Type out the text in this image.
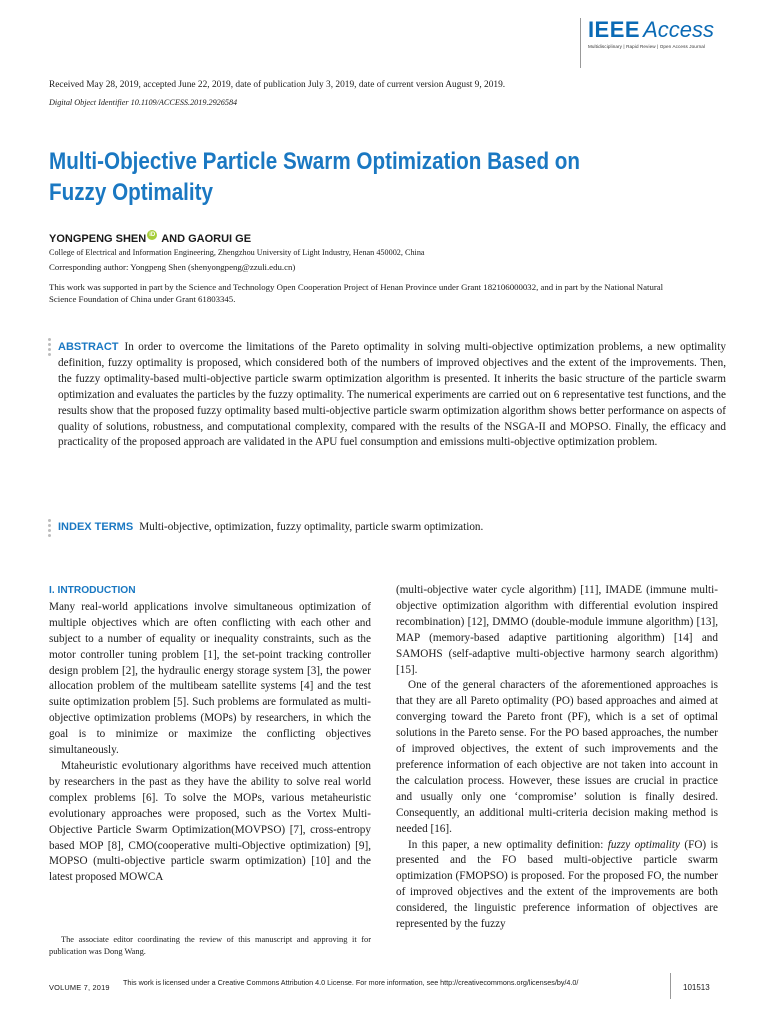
IEEE Access
Multidisciplinary | Rapid Review | Open Access Journal
Received May 28, 2019, accepted June 22, 2019, date of publication July 3, 2019, date of current version August 9, 2019.
Digital Object Identifier 10.1109/ACCESS.2019.2926584
Multi-Objective Particle Swarm Optimization Based on Fuzzy Optimality
YONGPENG SHEN iD AND GAORUI GE
College of Electrical and Information Engineering, Zhengzhou University of Light Industry, Henan 450002, China
Corresponding author: Yongpeng Shen (shenyongpeng@zzuli.edu.cn)
This work was supported in part by the Science and Technology Open Cooperation Project of Henan Province under Grant 182106000032, and in part by the National Natural Science Foundation of China under Grant 61803345.
ABSTRACT In order to overcome the limitations of the Pareto optimality in solving multi-objective optimization problems, a new optimality definition, fuzzy optimality is proposed, which considered both of the numbers of improved objectives and the extent of the improvements. Then, the fuzzy optimality-based multi-objective particle swarm optimization algorithm is presented. It inherits the basic structure of the particle swarm optimization and evaluates the particles by the fuzzy optimality. The numerical experiments are carried out on 6 representative test functions, and the results show that the proposed fuzzy optimality based multi-objective particle swarm optimization algorithm shows better performance on aspects of quality of solutions, robustness, and computational complexity, compared with the results of the NSGA-II and MOPSO. Finally, the efficacy and practicality of the proposed approach are validated in the APU fuel consumption and emissions multi-objective optimization problem.
INDEX TERMS Multi-objective, optimization, fuzzy optimality, particle swarm optimization.
I. INTRODUCTION

Many real-world applications involve simultaneous optimization of multiple objectives which are often conflicting with each other and subject to a number of equality or inequality constraints, such as the motor controller tuning problem [1], the set-point tracking controller design problem [2], the hydraulic energy storage system [3], the power allocation problem of the multibeam satellite systems [4] and the test suite optimization problem [5]. Such problems are formulated as multi-objective optimization problems (MOPs) by researchers, in which the goal is to minimize or maximize the conflicting objectives simultaneously.

Mtaheuristic evolutionary algorithms have received much attention by researchers in the past as they have the ability to solve real world complex problems [6]. To solve the MOPs, various metaheuristic evolutionary approaches were proposed, such as the Vortex Multi-Objective Particle Swarm Optimization(MOVPSO) [7], cross-entropy based MOP [8], CMO(cooperative multi-Objective optimization) [9], MOPSO (multi-objective particle swarm optimization) [10] and the latest proposed MOWCA

(multi-objective water cycle algorithm) [11], IMADE (immune multi-objective optimization algorithm with differential evolution inspired recombination) [12], DMMO (double-module immune algorithm) [13], MAP (memory-based adaptive partitioning algorithm) [14] and SAMOHS (self-adaptive multi-objective harmony search algorithm) [15].

One of the general characters of the aforementioned approaches is that they are all Pareto optimality (PO) based approaches and aimed at converging toward the Pareto front (PF), which is a set of optimal solutions in the Pareto sense. For the PO based approaches, the number of improved objectives, the extent of such improvements and the preference information of each objective are not taken into account in the calculation process. However, these issues are crucial in practice and usually only one ‘compromise’ solution is finally desired. Consequently, an additional multi-criteria decision making method is needed [16].

In this paper, a new optimality definition: fuzzy optimality (FO) is presented and the FO based multi-objective particle swarm optimization (FMOPSO) is proposed. For the proposed FO, the number of improved objectives and the extent of the improvements are both considered, the linguistic preference information of objectives are represented by the fuzzy

The associate editor coordinating the review of this manuscript and approving it for publication was Dong Wang.
VOLUME 7, 2019
This work is licensed under a Creative Commons Attribution 4.0 License. For more information, see http://creativecommons.org/licenses/by/4.0/
101513
